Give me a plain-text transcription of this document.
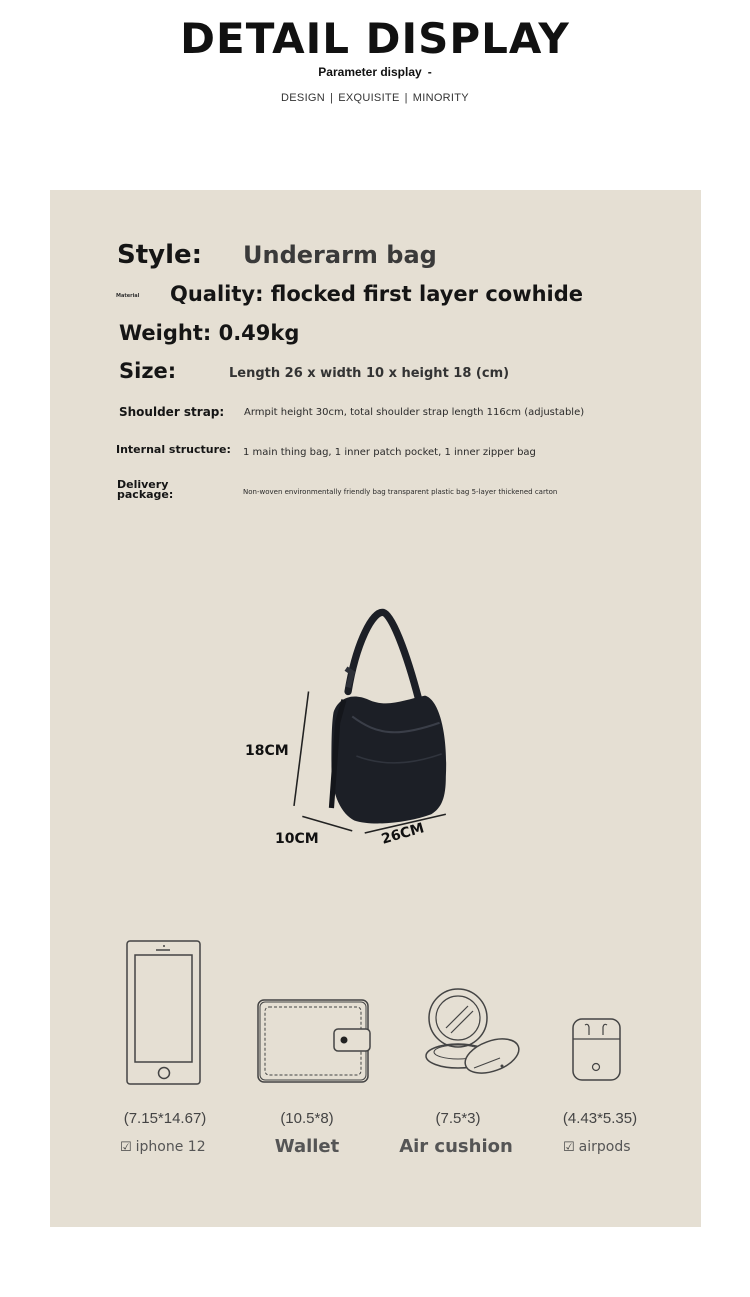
DETAIL DISPLAY
Parameter display -
DESIGN | EXQUISITE | MINORITY
Style: Underarm bag
Material Quality: flocked first layer cowhide
Weight: 0.49kg
Size:	Length 26 x width 10 x height 18 (cm)
Shoulder strap: Armpit height 30cm, total shoulder strap length 116cm (adjustable)
Internal structure: 1 main thing bag, 1 inner patch pocket, 1 inner zipper bag
Delivery
package:	Non-woven environmentally friendly bag transparent plastic bag 5-layer thickened carton
18CM
10CM	26CM
(7.15*14.67)
☑ iphone 12
(10.5*8)
Wallet
(7.5*3)
Air cushion
(4.43*5.35)
☑ airpods
